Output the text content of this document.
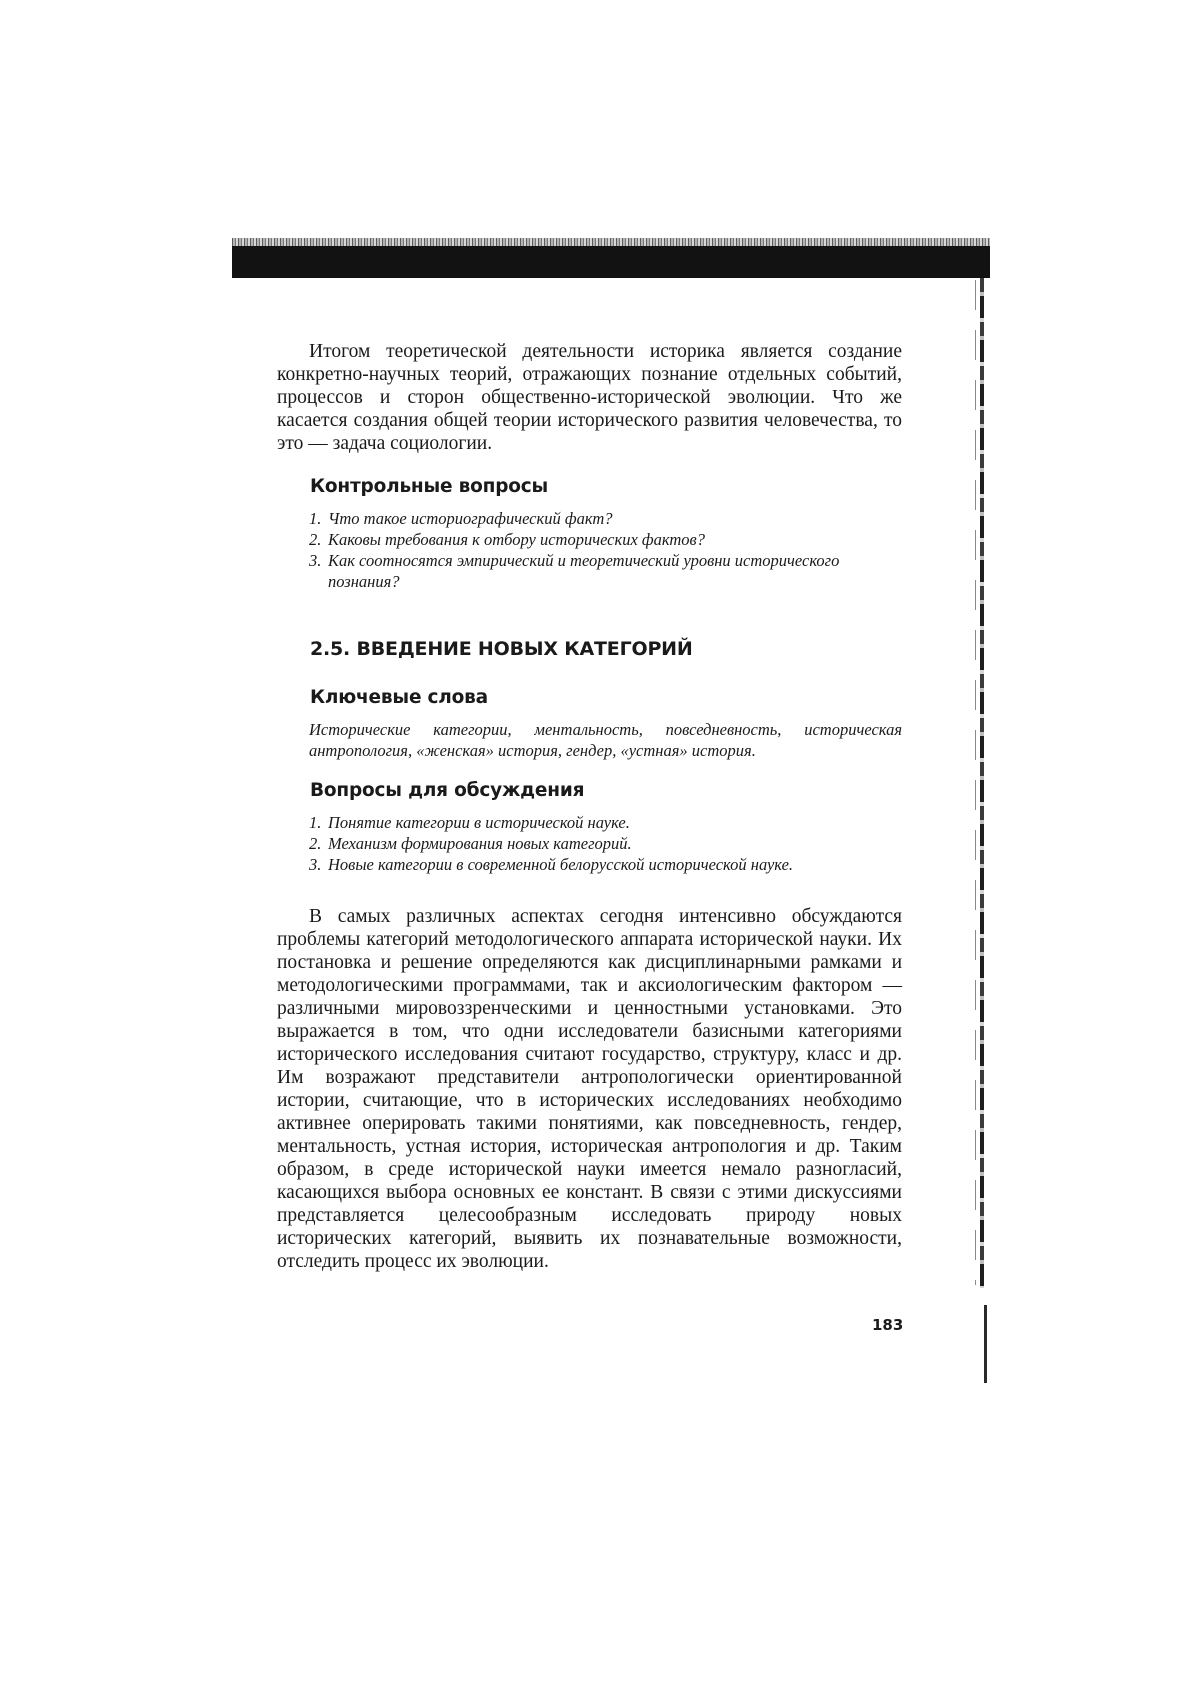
Итогом теоретической деятельности историка является создание конкретно-научных теорий, отражающих познание отдельных событий, процессов и сторон общественно-исторической эволюции. Что же касается создания общей теории исторического развития человечества, то это — задача социологии.

Контрольные вопросы
1. Что такое историографический факт?
2. Каковы требования к отбору исторических фактов?
3. Как соотносятся эмпирический и теоретический уровни исторического познания?
2.5. ВВЕДЕНИЕ НОВЫХ КАТЕГОРИЙ
Ключевые слова

Исторические категории, ментальность, повседневность, историческая антропология, «женская» история, гендер, «устная» история.

Вопросы для обсуждения
1. Понятие категории в исторической науке.
2. Механизм формирования новых категорий.
3. Новые категории в современной белорусской исторической науке.

В самых различных аспектах сегодня интенсивно обсуждаются проблемы категорий методологического аппарата исторической науки. Их постановка и решение определяются как дисциплинарными рамками и методологическими программами, так и аксиологическим фактором — различными мировоззренческими и ценностными установками. Это выражается в том, что одни исследователи базисными категориями исторического исследования считают государство, структуру, класс и др. Им возражают представители антропологически ориентированной истории, считающие, что в исторических исследованиях необходимо активнее оперировать такими понятиями, как повседневность, гендер, ментальность, устная история, историческая антропология и др. Таким образом, в среде исторической науки имеется немало разногласий, касающихся выбора основных ее констант. В связи с этими дискуссиями представляется целесообразным исследовать природу новых исторических категорий, выявить их познавательные возможности, отследить процесс их эволюции.

183
